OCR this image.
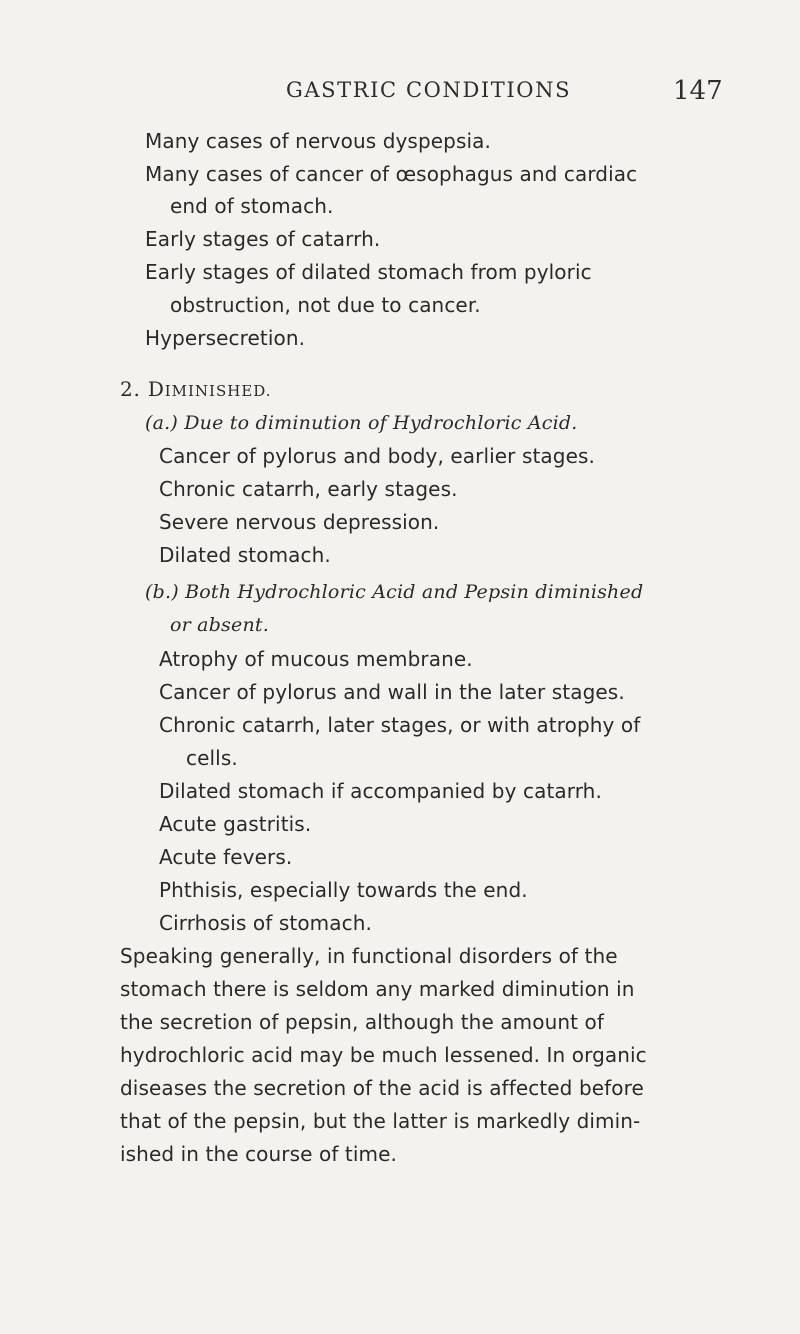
GASTRIC CONDITIONS	147
Many cases of nervous dyspepsia.
Many cases of cancer of œsophagus and cardiac
end of stomach.
Early stages of catarrh.
Early stages of dilated stomach from pyloric
obstruction, not due to cancer.
Hypersecretion.
2. DIMINISHED.
(a.) Due to diminution of Hydrochloric Acid.
Cancer of pylorus and body, earlier stages.
Chronic catarrh, early stages.
Severe nervous depression.
Dilated stomach.
(b.) Both Hydrochloric Acid and Pepsin diminished
or absent.
Atrophy of mucous membrane.
Cancer of pylorus and wall in the later stages.
Chronic catarrh, later stages, or with atrophy of
cells.
Dilated stomach if accompanied by catarrh.
Acute gastritis.
Acute fevers.
Phthisis, especially towards the end.
Cirrhosis of stomach.
Speaking generally, in functional disorders of the
stomach there is seldom any marked diminution in
the secretion of pepsin, although the amount of
hydrochloric acid may be much lessened. In organic
diseases the secretion of the acid is affected before
that of the pepsin, but the latter is markedly dimin-
ished in the course of time.
